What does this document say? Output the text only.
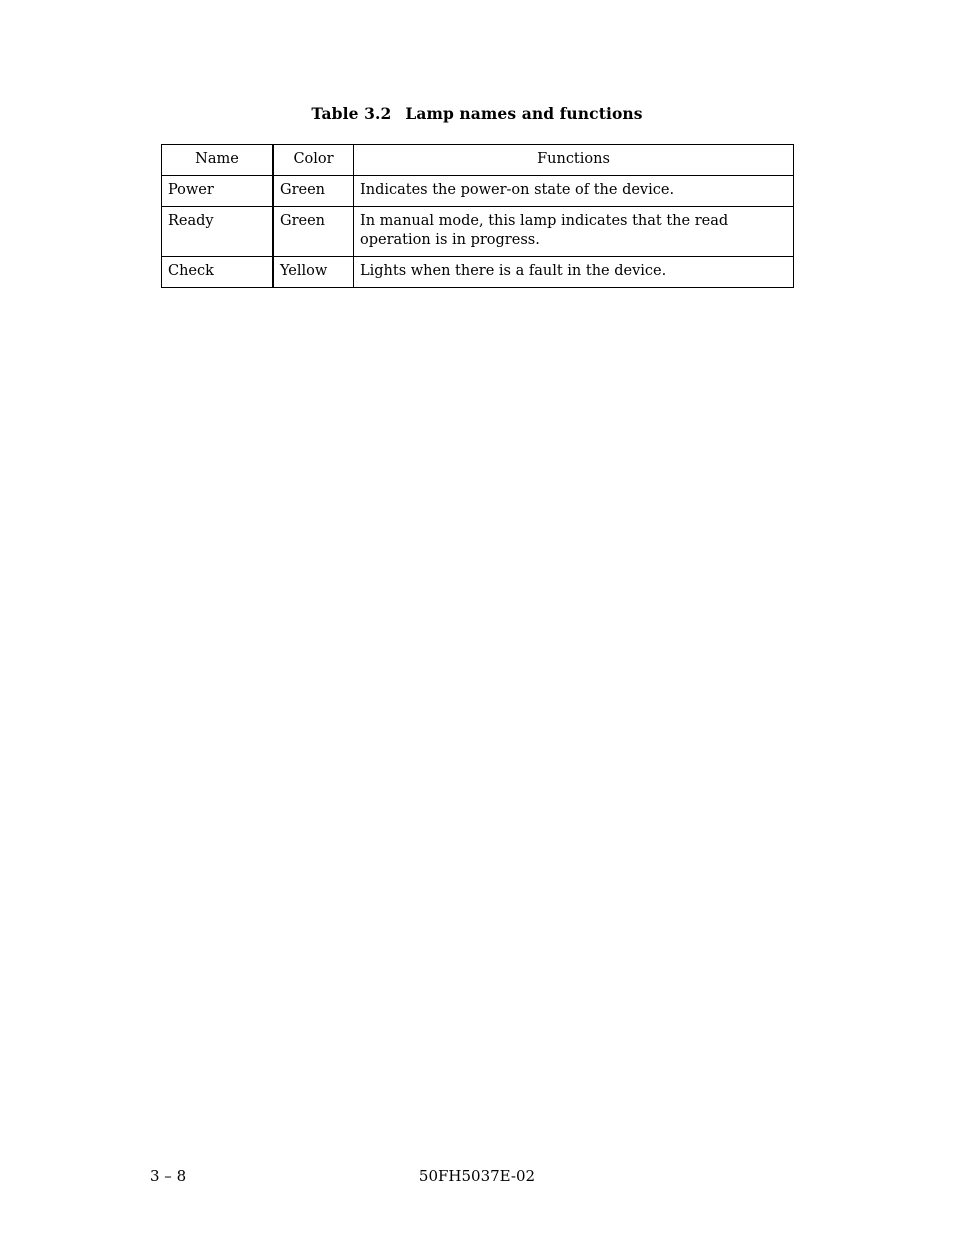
Table 3.2 Lamp names and functions
Name	Color	Functions
Power	Green	Indicates the power-on state of the device.
Ready	Green	In manual mode, this lamp indicates that the read operation is in progress.
Check	Yellow	Lights when there is a fault in the device.
3 – 8	50FH5037E-02
